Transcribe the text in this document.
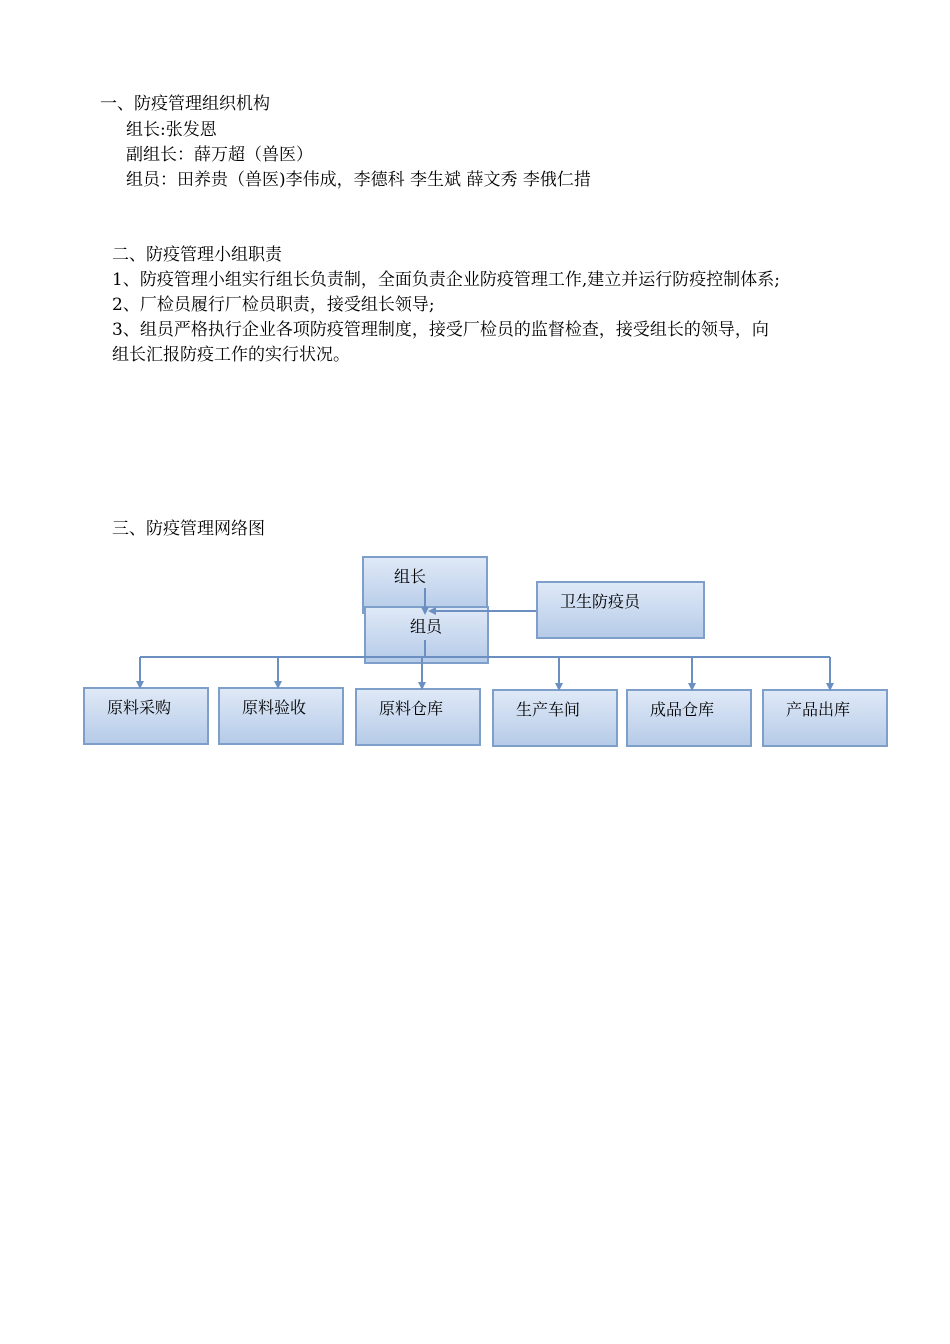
一、防疫管理组织机构
组长:张发恩
副组长：薛万超（兽医）
组员：田养贵（兽医)李伟成，李德科 李生斌 薛文秀 李俄仁措
二、防疫管理小组职责
1、防疫管理小组实行组长负责制，全面负责企业防疫管理工作,建立并运行防疫控制体系;
2、厂检员履行厂检员职责，接受组长领导;
3、组员严格执行企业各项防疫管理制度，接受厂检员的监督检查，接受组长的领导，向
组长汇报防疫工作的实行状况。
三、防疫管理网络图
组长
卫生防疫员
组员
原料采购	原料验收	原料仓库	生产车间	成品仓库	产品出库
